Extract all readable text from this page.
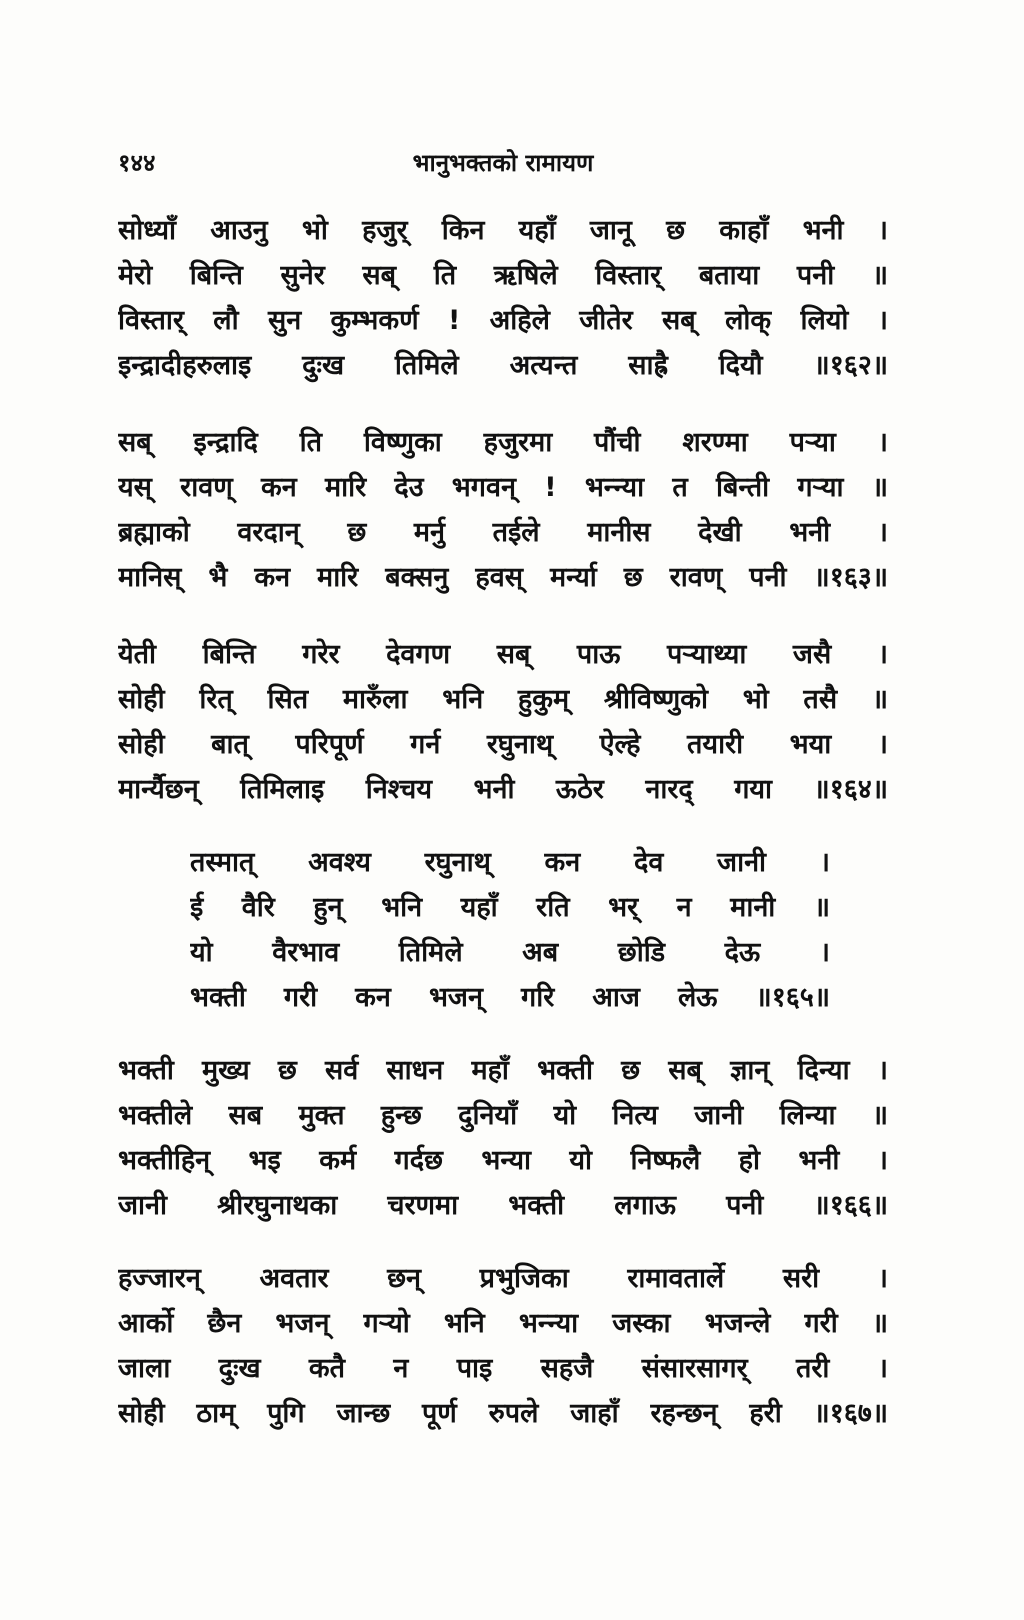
१४४	भानुभक्तको रामायण
सोध्याँ आउनु भो हजुर् किन यहाँ जानू छ काहाँ भनी ।
मेरो बिन्ति सुनेर सब् ति ऋषिले विस्तार् बताया पनी ॥
विस्तार् लौ सुन कुम्भकर्ण ! अहिले जीतेर सब् लोक् लियो ।
इन्द्रादीहरुलाइ दुःख तिमिले अत्यन्त साह्रै दियौ ॥१६२॥
सब् इन्द्रादि ति विष्णुका हजुरमा पौंची शरण्मा पऱ्या ।
यस् रावण् कन मारि देउ भगवन् ! भन्न्या त बिन्ती गऱ्या ॥
ब्रह्माको वरदान् छ मर्नु तईले मानीस देखी भनी ।
मानिस् भै कन मारि बक्सनु हवस् मर्न्या छ रावण् पनी ॥१६३॥
येती बिन्ति गरेर देवगण सब् पाऊ पऱ्याथ्या जसै ।
सोही रित् सित मारुँला भनि हुकुम् श्रीविष्णुको भो तसै ॥
सोही बात् परिपूर्ण गर्न रघुनाथ् ऐल्हे तयारी भया ।
मार्न्यैछन् तिमिलाइ निश्चय भनी ऊठेर नारद् गया ॥१६४॥
तस्मात् अवश्य रघुनाथ् कन देव जानी ।
ई वैरि हुन् भनि यहाँ रति भर् न मानी ॥
यो वैरभाव तिमिले अब छोडि देऊ ।
भक्ती गरी कन भजन् गरि आज लेऊ ॥१६५॥
भक्ती मुख्य छ सर्व साधन महाँ भक्ती छ सब् ज्ञान् दिन्या ।
भक्तीले सब मुक्त हुन्छ दुनियाँ यो नित्य जानी लिन्या ॥
भक्तीहिन् भइ कर्म गर्दछ भन्या यो निष्फलै हो भनी ।
जानी श्रीरघुनाथका चरणमा भक्ती लगाऊ पनी ॥१६६॥
हज्जारन् अवतार छन् प्रभुजिका रामावतार्ले सरी ।
आर्को छैन भजन् गऱ्यो भनि भन्न्या जस्का भजन्ले गरी ॥
जाला दुःख कतै न पाइ सहजै संसारसागर् तरी ।
सोही ठाम् पुगि जान्छ पूर्ण रुपले जाहाँ रहन्छन् हरी ॥१६७॥
